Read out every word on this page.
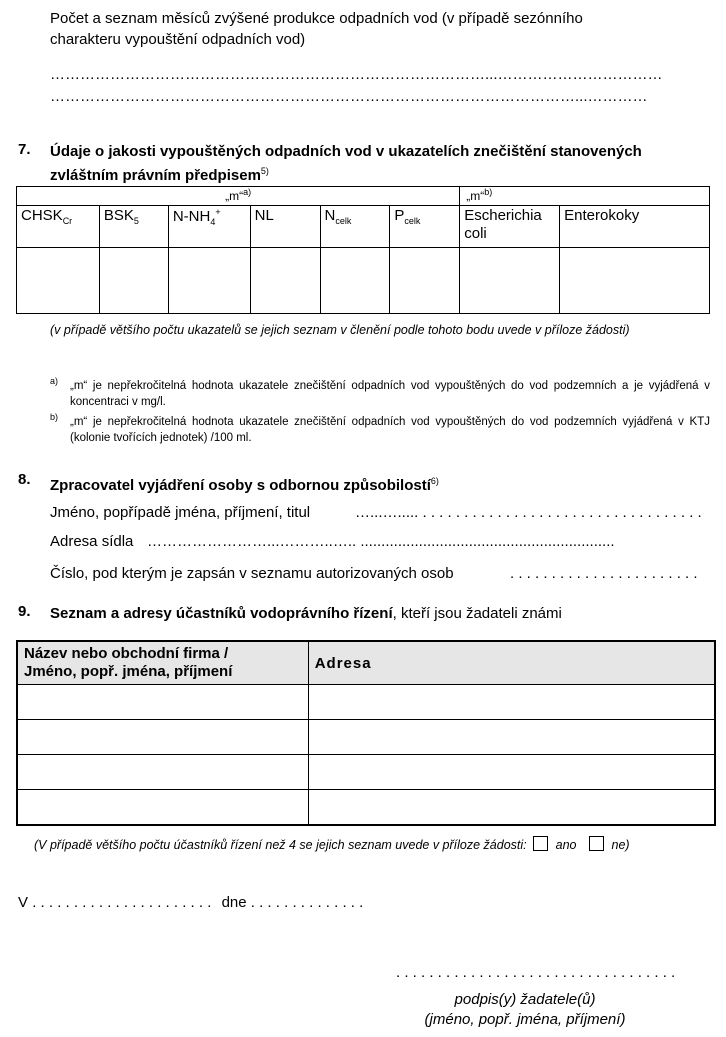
Počet a seznam měsíců zvýšené produkce odpadních vod (v případě sezónního
charakteru vypouštění odpadních vod)
……………………………………………………………………………...……………………………
……………………………………………………………………………………………...…………
7. Údaje o jakosti vypouštěných odpadních vod v ukazatelích znečištění stanovených
zvláštním právním předpisem$^{5)}$
„m“$^{a)}$						„m“$^{b)}$
$CHSK_{Cr}$	$BSK_5$	$N-NH_4^+$	NL	$N_{celk}$	$P_{celk}$	Escherichia coli	Enterokoky

(v případě většího počtu ukazatelů se jejich seznam v členění podle tohoto bodu uvede v příloze žádosti)
a) „m“ je nepřekročitelná hodnota ukazatele znečištění odpadních vod vypouštěných do vod podzemních a je vyjádřená v koncentraci v mg/l.
b) „m“ je nepřekročitelná hodnota ukazatele znečištění odpadních vod vypouštěných do vod podzemních vyjádřená v KTJ (kolonie tvořících jednotek) /100 ml.
8. Zpracovatel vyjádření osoby s odbornou způsobilostí$^{6)}$
Jméno, popřípadě jména, příjmení, titul	…...…..... . . . . . . . . . . . . . . . . . . . . . . . . . . . . . . . . . .
Adresa sídla ……………………...………..….. .............................................................
Číslo, pod kterým je zapsán v seznamu autorizovaných osob	. . . . . . . . . . . . . . . . . . . . . . .
9. Seznam a adresy účastníků vodoprávního řízení, kteří jsou žadateli známi
Název nebo obchodní firma /
Jméno, popř. jména, příjmení	Adresa

(V případě většího počtu účastníků řízení než 4 se jejich seznam uvede v příloze žádosti: ano	ne)
V . . . . . . . . . . . . . . . . . . . . . . dne . . . . . . . . . . . . . .
. . . . . . . . . . . . . . . . . . . . . . . . . . . . . . . . . .
podpis(y) žadatele(ů)
(jméno, popř. jména, příjmení)
